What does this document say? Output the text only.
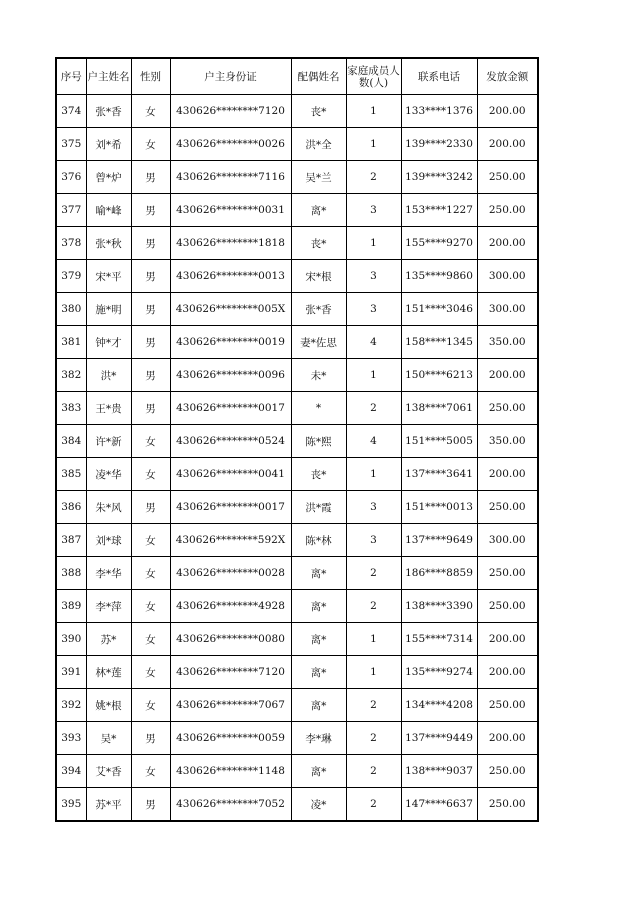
序号	户主姓名	性别	户主身份证	配偶姓名	家庭成员人数(人)	联系电话	发放金额
374	张*香	女	430626********7120	丧*	1	133****1376	200.00
375	刘*希	女	430626********0026	洪*全	1	139****2330	200.00
376	曾*炉	男	430626********7116	吴*兰	2	139****3242	250.00
377	喻*峰	男	430626********0031	离*	3	153****1227	250.00
378	张*秋	男	430626********1818	丧*	1	155****9270	200.00
379	宋*平	男	430626********0013	宋*根	3	135****9860	300.00
380	施*明	男	430626********005X	张*香	3	151****3046	300.00
381	钟*才	男	430626********0019	妻*佐思	4	158****1345	350.00
382	洪*	男	430626********0096	未*	1	150****6213	200.00
383	王*贵	男	430626********0017	*	2	138****7061	250.00
384	许*新	女	430626********0524	陈*熙	4	151****5005	350.00
385	凌*华	女	430626********0041	丧*	1	137****3641	200.00
386	朱*风	男	430626********0017	洪*霞	3	151****0013	250.00
387	刘*球	女	430626********592X	陈*林	3	137****9649	300.00
388	李*华	女	430626********0028	离*	2	186****8859	250.00
389	李*萍	女	430626********4928	离*	2	138****3390	250.00
390	苏*	女	430626********0080	离*	1	155****7314	200.00
391	林*莲	女	430626********7120	离*	1	135****9274	200.00
392	姚*根	女	430626********7067	离*	2	134****4208	250.00
393	吴*	男	430626********0059	李*琳	2	137****9449	200.00
394	艾*香	女	430626********1148	离*	2	138****9037	250.00
395	苏*平	男	430626********7052	凌*	2	147****6637	250.00
